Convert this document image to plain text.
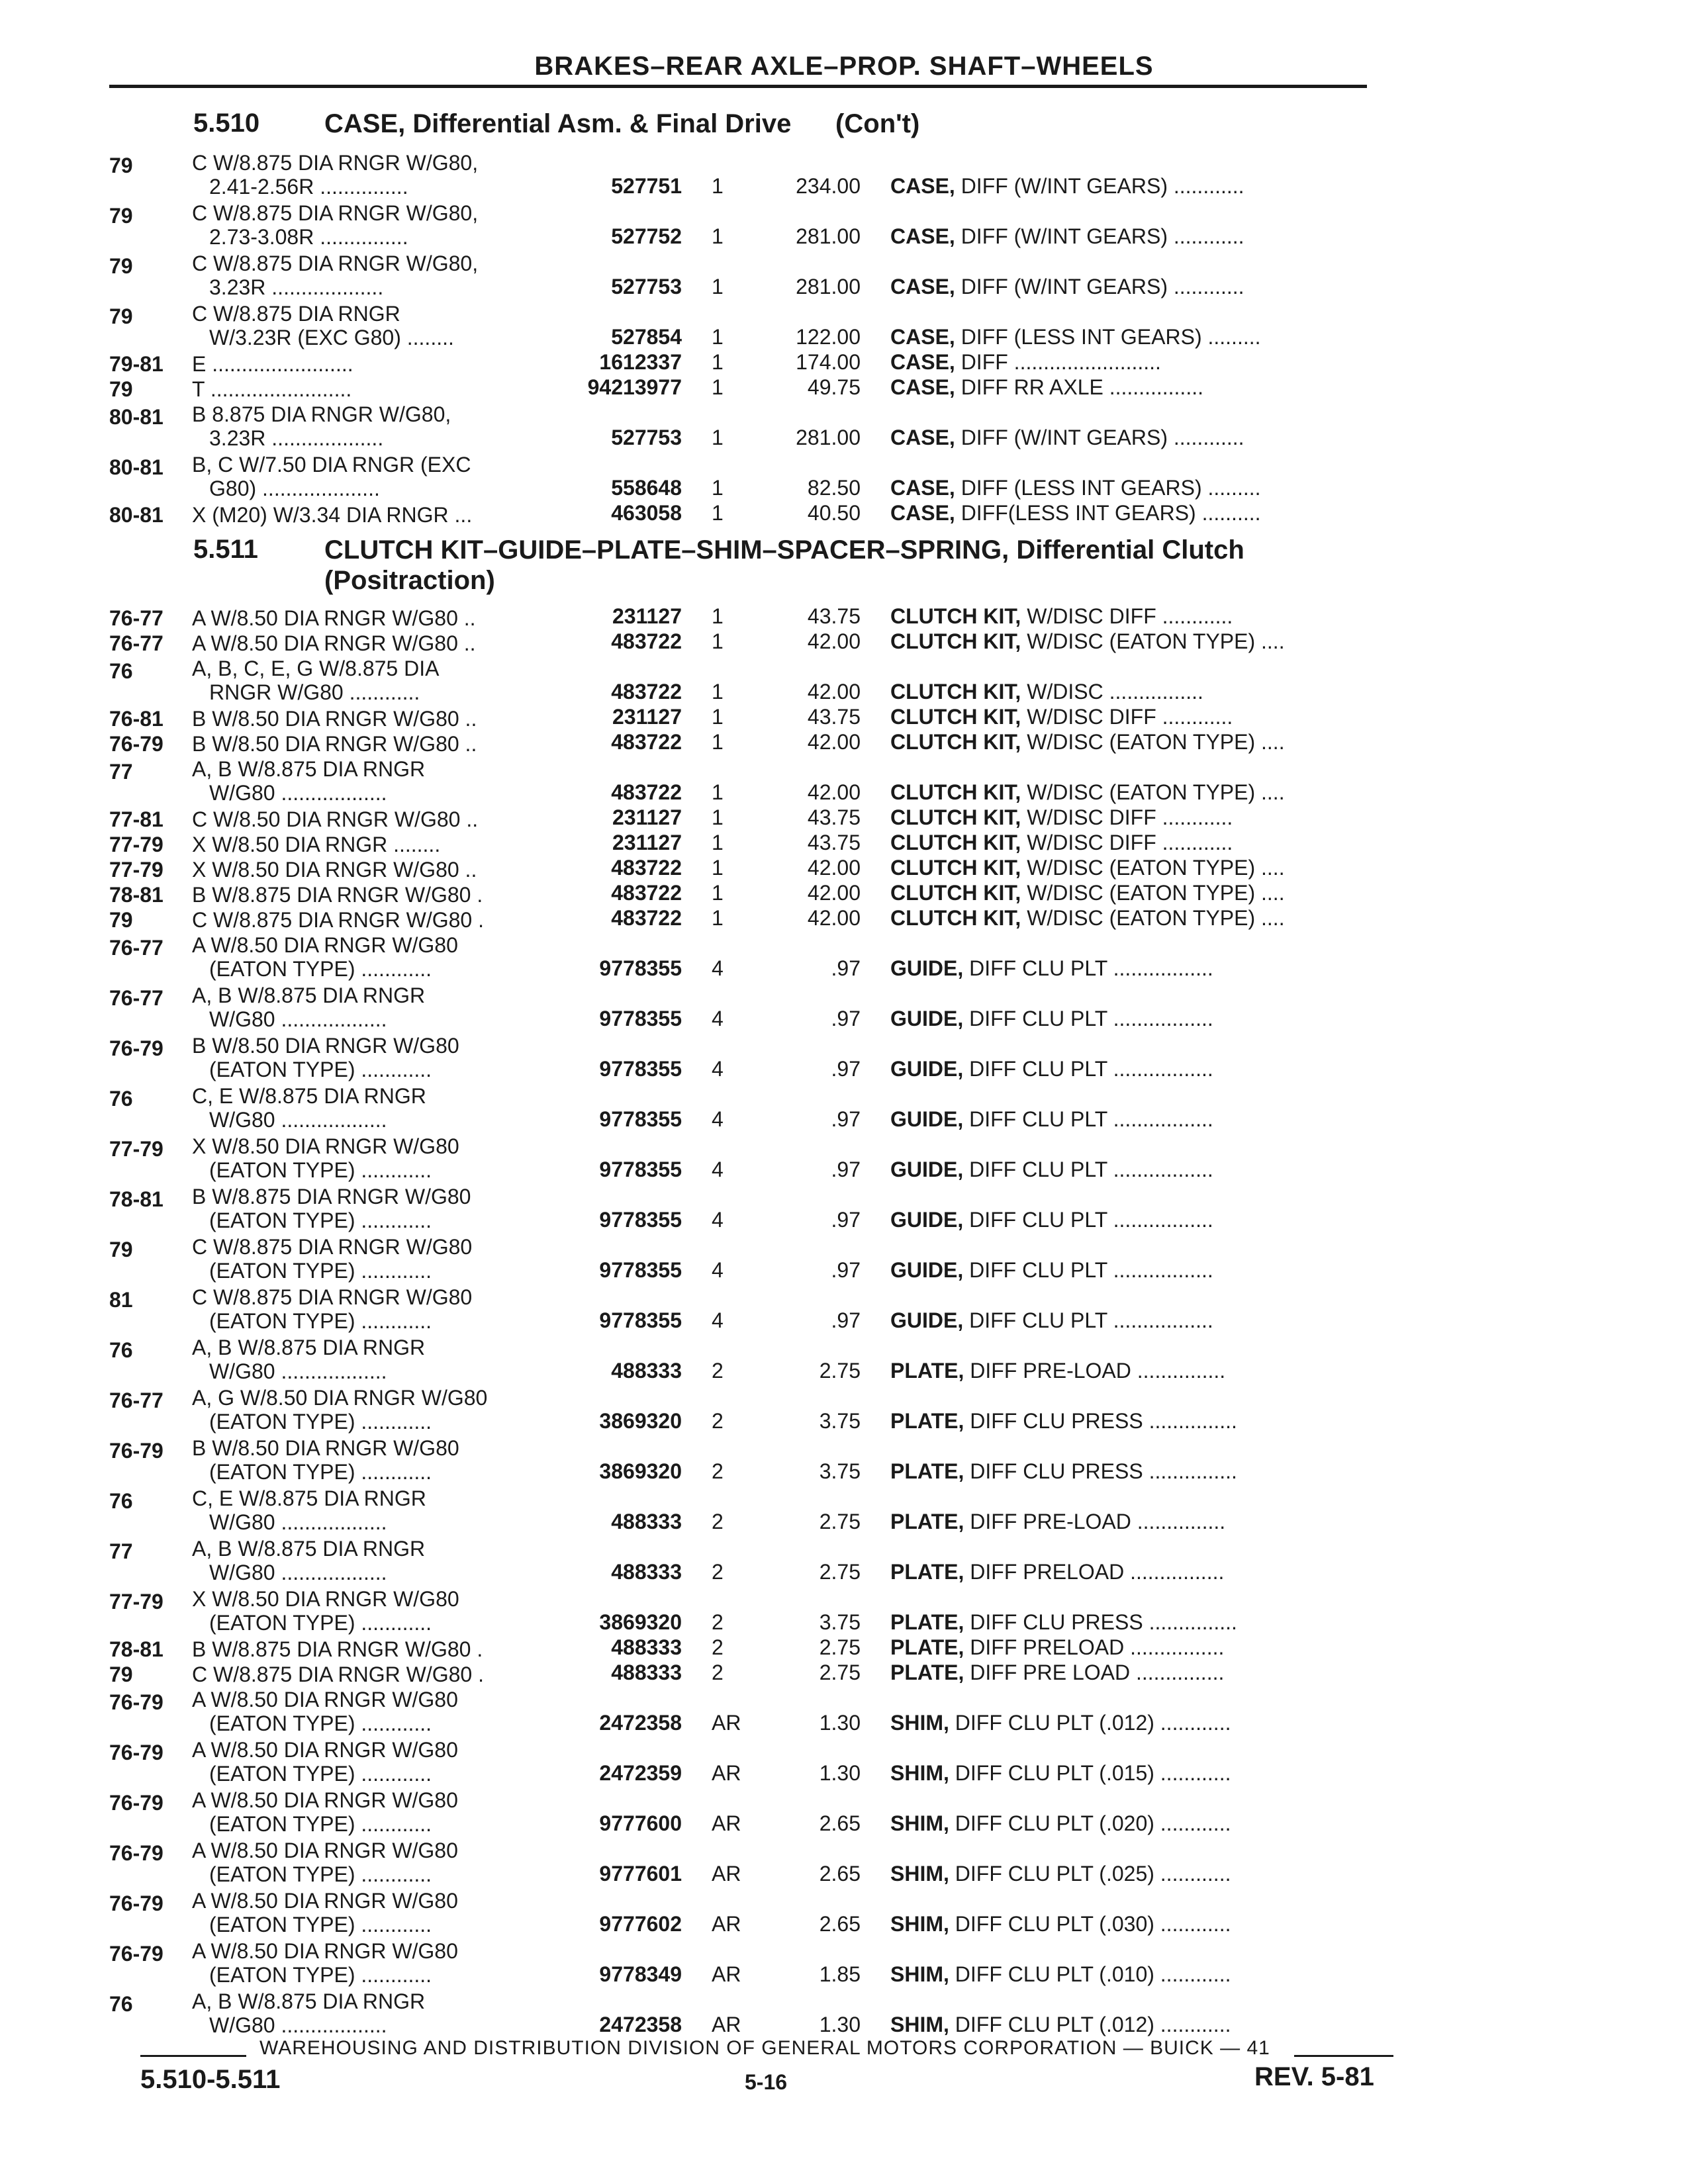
BRAKES–REAR AXLE–PROP. SHAFT–WHEELS
5.510 CASE, Differential Asm. & Final Drive (Con't)
79	C W/8.875 DIA RNGR W/G80,
2.41-2.56R ...............	527751 1	234.00 CASE, DIFF (W/INT GEARS) ............
79	C W/8.875 DIA RNGR W/G80,
2.73-3.08R ...............	527752 1	281.00 CASE, DIFF (W/INT GEARS) ............
79	C W/8.875 DIA RNGR W/G80,
3.23R ...................	527753 1	281.00 CASE, DIFF (W/INT GEARS) ............
79	C W/8.875 DIA RNGR
W/3.23R (EXC G80) ........	527854 1	122.00 CASE, DIFF (LESS INT GEARS) .........
79-81 E ........................	1612337 1	174.00 CASE, DIFF .........................
79	T ........................	94213977 1	49.75 CASE, DIFF RR AXLE ................
80-81 B 8.875 DIA RNGR W/G80,
3.23R ...................	527753 1	281.00 CASE, DIFF (W/INT GEARS) ............
80-81 B, C W/7.50 DIA RNGR (EXC
G80) ....................	558648 1	82.50 CASE, DIFF (LESS INT GEARS) .........
80-81 X (M20) W/3.34 DIA RNGR ...	463058 1	40.50 CASE, DIFF(LESS INT GEARS) ..........
5.511	CLUTCH KIT–GUIDE–PLATE–SHIM–SPACER–SPRING, Differential Clutch
(Positraction)
76-77 A W/8.50 DIA RNGR W/G80 ..	231127 1	43.75 CLUTCH KIT, W/DISC DIFF ............
76-77 A W/8.50 DIA RNGR W/G80 ..	483722 1	42.00 CLUTCH KIT, W/DISC (EATON TYPE) ....
76	A, B, C, E, G W/8.875 DIA
RNGR W/G80 ............	483722 1	42.00 CLUTCH KIT, W/DISC ................
76-81 B W/8.50 DIA RNGR W/G80 ..	231127 1	43.75 CLUTCH KIT, W/DISC DIFF ............
76-79 B W/8.50 DIA RNGR W/G80 ..	483722 1	42.00 CLUTCH KIT, W/DISC (EATON TYPE) ....
77	A, B W/8.875 DIA RNGR
W/G80 ..................	483722 1	42.00 CLUTCH KIT, W/DISC (EATON TYPE) ....
77-81 C W/8.50 DIA RNGR W/G80 ..	231127 1	43.75 CLUTCH KIT, W/DISC DIFF ............
77-79 X W/8.50 DIA RNGR ........	231127 1	43.75 CLUTCH KIT, W/DISC DIFF ............
77-79 X W/8.50 DIA RNGR W/G80 ..	483722 1	42.00 CLUTCH KIT, W/DISC (EATON TYPE) ....
78-81 B W/8.875 DIA RNGR W/G80 .	483722 1	42.00 CLUTCH KIT, W/DISC (EATON TYPE) ....
79	C W/8.875 DIA RNGR W/G80 .	483722 1	42.00 CLUTCH KIT, W/DISC (EATON TYPE) ....
76-77 A W/8.50 DIA RNGR W/G80
(EATON TYPE) ............	9778355 4	.97 GUIDE, DIFF CLU PLT .................
76-77 A, B W/8.875 DIA RNGR
W/G80 ..................	9778355 4	.97 GUIDE, DIFF CLU PLT .................
76-79 B W/8.50 DIA RNGR W/G80
(EATON TYPE) ............	9778355 4	.97 GUIDE, DIFF CLU PLT .................
76	C, E W/8.875 DIA RNGR
W/G80 ..................	9778355 4	.97 GUIDE, DIFF CLU PLT .................
77-79 X W/8.50 DIA RNGR W/G80
(EATON TYPE) ............	9778355 4	.97 GUIDE, DIFF CLU PLT .................
78-81 B W/8.875 DIA RNGR W/G80
(EATON TYPE) ............	9778355 4	.97 GUIDE, DIFF CLU PLT .................
79	C W/8.875 DIA RNGR W/G80
(EATON TYPE) ............	9778355 4	.97 GUIDE, DIFF CLU PLT .................
81	C W/8.875 DIA RNGR W/G80
(EATON TYPE) ............	9778355 4	.97 GUIDE, DIFF CLU PLT .................
76	A, B W/8.875 DIA RNGR
W/G80 ..................	488333 2	2.75 PLATE, DIFF PRE-LOAD ...............
76-77 A, G W/8.50 DIA RNGR W/G80
(EATON TYPE) ............	3869320 2	3.75 PLATE, DIFF CLU PRESS ...............
76-79 B W/8.50 DIA RNGR W/G80
(EATON TYPE) ............	3869320 2	3.75 PLATE, DIFF CLU PRESS ...............
76	C, E W/8.875 DIA RNGR
W/G80 ..................	488333 2	2.75 PLATE, DIFF PRE-LOAD ...............
77	A, B W/8.875 DIA RNGR
W/G80 ..................	488333 2	2.75 PLATE, DIFF PRELOAD ................
77-79 X W/8.50 DIA RNGR W/G80
(EATON TYPE) ............	3869320 2	3.75 PLATE, DIFF CLU PRESS ...............
78-81 B W/8.875 DIA RNGR W/G80 .	488333 2	2.75 PLATE, DIFF PRELOAD ................
79	C W/8.875 DIA RNGR W/G80 .	488333 2	2.75 PLATE, DIFF PRE LOAD ...............
76-79 A W/8.50 DIA RNGR W/G80
(EATON TYPE) ............	2472358 AR	1.30 SHIM, DIFF CLU PLT (.012) ............
76-79 A W/8.50 DIA RNGR W/G80
(EATON TYPE) ............	2472359 AR	1.30 SHIM, DIFF CLU PLT (.015) ............
76-79 A W/8.50 DIA RNGR W/G80
(EATON TYPE) ............	9777600 AR	2.65 SHIM, DIFF CLU PLT (.020) ............
76-79 A W/8.50 DIA RNGR W/G80
(EATON TYPE) ............	9777601 AR	2.65 SHIM, DIFF CLU PLT (.025) ............
76-79 A W/8.50 DIA RNGR W/G80
(EATON TYPE) ............	9777602 AR	2.65 SHIM, DIFF CLU PLT (.030) ............
76-79 A W/8.50 DIA RNGR W/G80
(EATON TYPE) ............	9778349 AR	1.85 SHIM, DIFF CLU PLT (.010) ............
76	A, B W/8.875 DIA RNGR
W/G80 ..................	2472358 AR	1.30 SHIM, DIFF CLU PLT (.012) ............
WAREHOUSING AND DISTRIBUTION DIVISION OF GENERAL MOTORS CORPORATION — BUICK — 41
5.510-5.511	5-16	REV. 5-81
